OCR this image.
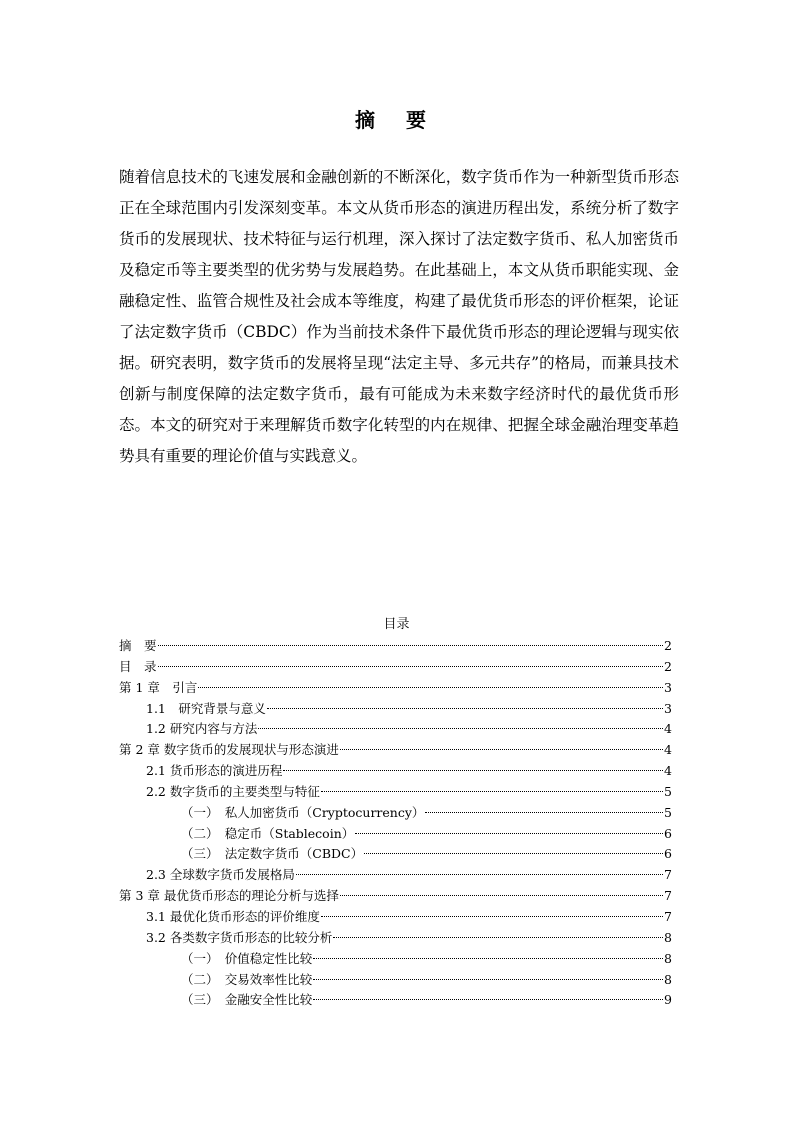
摘 要

随着信息技术的飞速发展和金融创新的不断深化，数字货币作为一种新型货币形态正在全球范围内引发深刻变革。本文从货币形态的演进历程出发，系统分析了数字货币的发展现状、技术特征与运行机理，深入探讨了法定数字货币、私人加密货币及稳定币等主要类型的优劣势与发展趋势。在此基础上，本文从货币职能实现、金融稳定性、监管合规性及社会成本等维度，构建了最优货币形态的评价框架，论证了法定数字货币（CBDC）作为当前技术条件下最优货币形态的理论逻辑与现实依据。研究表明，数字货币的发展将呈现“法定主导、多元共存”的格局，而兼具技术创新与制度保障的法定数字货币，最有可能成为未来数字经济时代的最优货币形态。本文的研究对于来理解货币数字化转型的内在规律、把握全球金融治理变革趋势具有重要的理论价值与实践意义。

目录
摘　要	2
目　录	2
第 1 章　引言	3
1.1　研究背景与意义	3
1.2 研究内容与方法	4
第 2 章 数字货币的发展现状与形态演进	4
2.1 货币形态的演进历程	4
2.2 数字货币的主要类型与特征	5
（一）　私人加密货币（Cryptocurrency）	5
（二）　稳定币（Stablecoin）	6
（三）　法定数字货币（CBDC）	6
2.3 全球数字货币发展格局	7
第 3 章 最优货币形态的理论分析与选择	7
3.1 最优化货币形态的评价维度	7
3.2 各类数字货币形态的比较分析	8
（一）　价值稳定性比较	8
（二）　交易效率性比较	8
（三）　金融安全性比较	9
